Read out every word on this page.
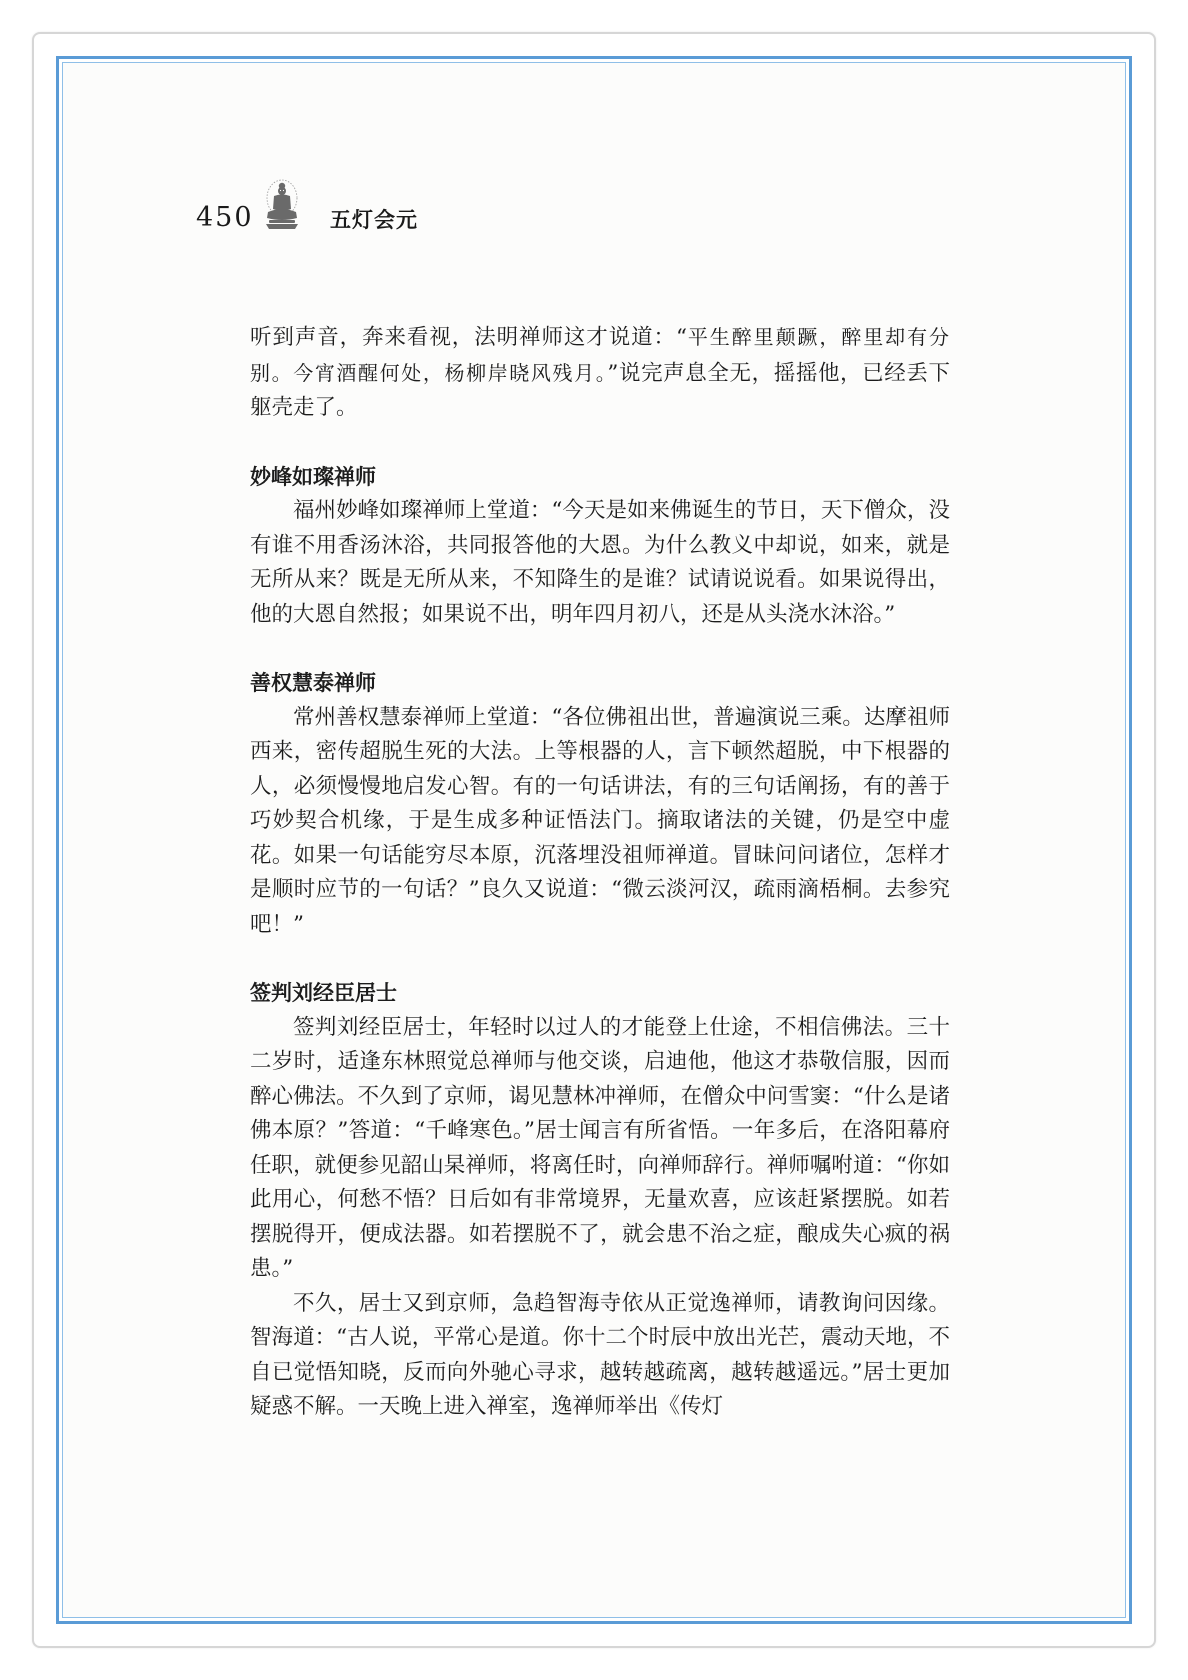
450	五灯会元

听到声音，奔来看视，法明禅师这才说道：“平生醉里颠蹶，醉里却有分别。今宵酒醒何处，杨柳岸晓风残月。”说完声息全无，摇摇他，已经丢下躯壳走了。

妙峰如璨禅师

福州妙峰如璨禅师上堂道：“今天是如来佛诞生的节日，天下僧众，没有谁不用香汤沐浴，共同报答他的大恩。为什么教义中却说，如来，就是无所从来？既是无所从来，不知降生的是谁？试请说说看。如果说得出，他的大恩自然报；如果说不出，明年四月初八，还是从头浇水沐浴。”

善权慧泰禅师

常州善权慧泰禅师上堂道：“各位佛祖出世，普遍演说三乘。达摩祖师西来，密传超脱生死的大法。上等根器的人，言下顿然超脱，中下根器的人，必须慢慢地启发心智。有的一句话讲法，有的三句话阐扬，有的善于巧妙契合机缘，于是生成多种证悟法门。摘取诸法的关键，仍是空中虚花。如果一句话能穷尽本原，沉落埋没祖师禅道。冒昧问问诸位，怎样才是顺时应节的一句话？”良久又说道：“微云淡河汉，疏雨滴梧桐。去参究吧！”

签判刘经臣居士

签判刘经臣居士，年轻时以过人的才能登上仕途，不相信佛法。三十二岁时，适逢东林照觉总禅师与他交谈，启迪他，他这才恭敬信服，因而醉心佛法。不久到了京师，谒见慧林冲禅师，在僧众中问雪窦：“什么是诸佛本原？”答道：“千峰寒色。”居士闻言有所省悟。一年多后，在洛阳幕府任职，就便参见韶山杲禅师，将离任时，向禅师辞行。禅师嘱咐道：“你如此用心，何愁不悟？日后如有非常境界，无量欢喜，应该赶紧摆脱。如若摆脱得开，便成法器。如若摆脱不了，就会患不治之症，酿成失心疯的祸患。”

不久，居士又到京师，急趋智海寺依从正觉逸禅师，请教询问因缘。智海道：“古人说，平常心是道。你十二个时辰中放出光芒，震动天地，不自已觉悟知晓，反而向外驰心寻求，越转越疏离，越转越遥远。”居士更加疑惑不解。一天晚上进入禅室，逸禅师举出《传灯
